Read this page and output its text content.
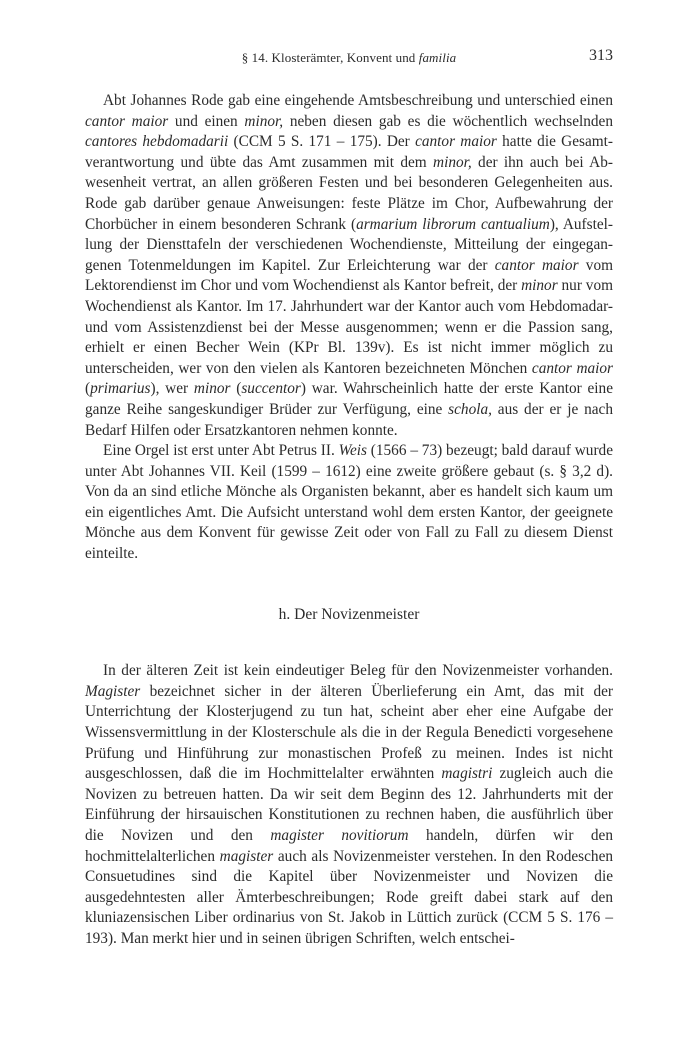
§ 14. Klosterämter, Konvent und familia	313

Abt Johannes Rode gab eine eingehende Amtsbeschreibung und unterschied einen cantor maior und einen minor, neben diesen gab es die wöchentlich wechselnden cantores hebdomadarii (CCM 5 S. 171 – 175). Der cantor maior hatte die Gesamtverantwortung und übte das Amt zusammen mit dem minor, der ihn auch bei Abwesenheit vertrat, an allen größeren Festen und bei besonderen Gelegenheiten aus. Rode gab darüber genaue Anweisungen: feste Plätze im Chor, Aufbewahrung der Chorbücher in einem besonderen Schrank (armarium librorum cantualium), Aufstellung der Diensttafeln der verschiedenen Wochendienste, Mitteilung der eingegangenen Totenmeldungen im Kapitel. Zur Erleichterung war der cantor maior vom Lektorendienst im Chor und vom Wochendienst als Kantor befreit, der minor nur vom Wochendienst als Kantor. Im 17. Jahrhundert war der Kantor auch vom Hebdomadar- und vom Assistenzdienst bei der Messe ausgenommen; wenn er die Passion sang, erhielt er einen Becher Wein (KPr Bl. 139v). Es ist nicht immer möglich zu unterscheiden, wer von den vielen als Kantoren bezeichneten Mönchen cantor maior (primarius), wer minor (succentor) war. Wahrscheinlich hatte der erste Kantor eine ganze Reihe sangeskundiger Brüder zur Verfügung, eine schola, aus der er je nach Bedarf Hilfen oder Ersatzkantoren nehmen konnte.

Eine Orgel ist erst unter Abt Petrus II. Weis (1566 – 73) bezeugt; bald darauf wurde unter Abt Johannes VII. Keil (1599 – 1612) eine zweite größere gebaut (s. § 3,2 d). Von da an sind etliche Mönche als Organisten bekannt, aber es handelt sich kaum um ein eigentliches Amt. Die Aufsicht unterstand wohl dem ersten Kantor, der geeignete Mönche aus dem Konvent für gewisse Zeit oder von Fall zu Fall zu diesem Dienst einteilte.

h. Der Novizenmeister

In der älteren Zeit ist kein eindeutiger Beleg für den Novizenmeister vorhanden. Magister bezeichnet sicher in der älteren Überlieferung ein Amt, das mit der Unterrichtung der Klosterjugend zu tun hat, scheint aber eher eine Aufgabe der Wissensvermittlung in der Klosterschule als die in der Regula Benedicti vorgesehene Prüfung und Hinführung zur monastischen Profeß zu meinen. Indes ist nicht ausgeschlossen, daß die im Hochmittelalter erwähnten magistri zugleich auch die Novizen zu betreuen hatten. Da wir seit dem Beginn des 12. Jahrhunderts mit der Einführung der hirsauischen Konstitutionen zu rechnen haben, die ausführlich über die Novizen und den magister novitiorum handeln, dürfen wir den hochmittelalterlichen magister auch als Novizenmeister verstehen. In den Rodeschen Consuetudines sind die Kapitel über Novizenmeister und Novizen die ausgedehntesten aller Ämterbeschreibungen; Rode greift dabei stark auf den kluniazensischen Liber ordinarius von St. Jakob in Lüttich zurück (CCM 5 S. 176 – 193). Man merkt hier und in seinen übrigen Schriften, welch entschei-
